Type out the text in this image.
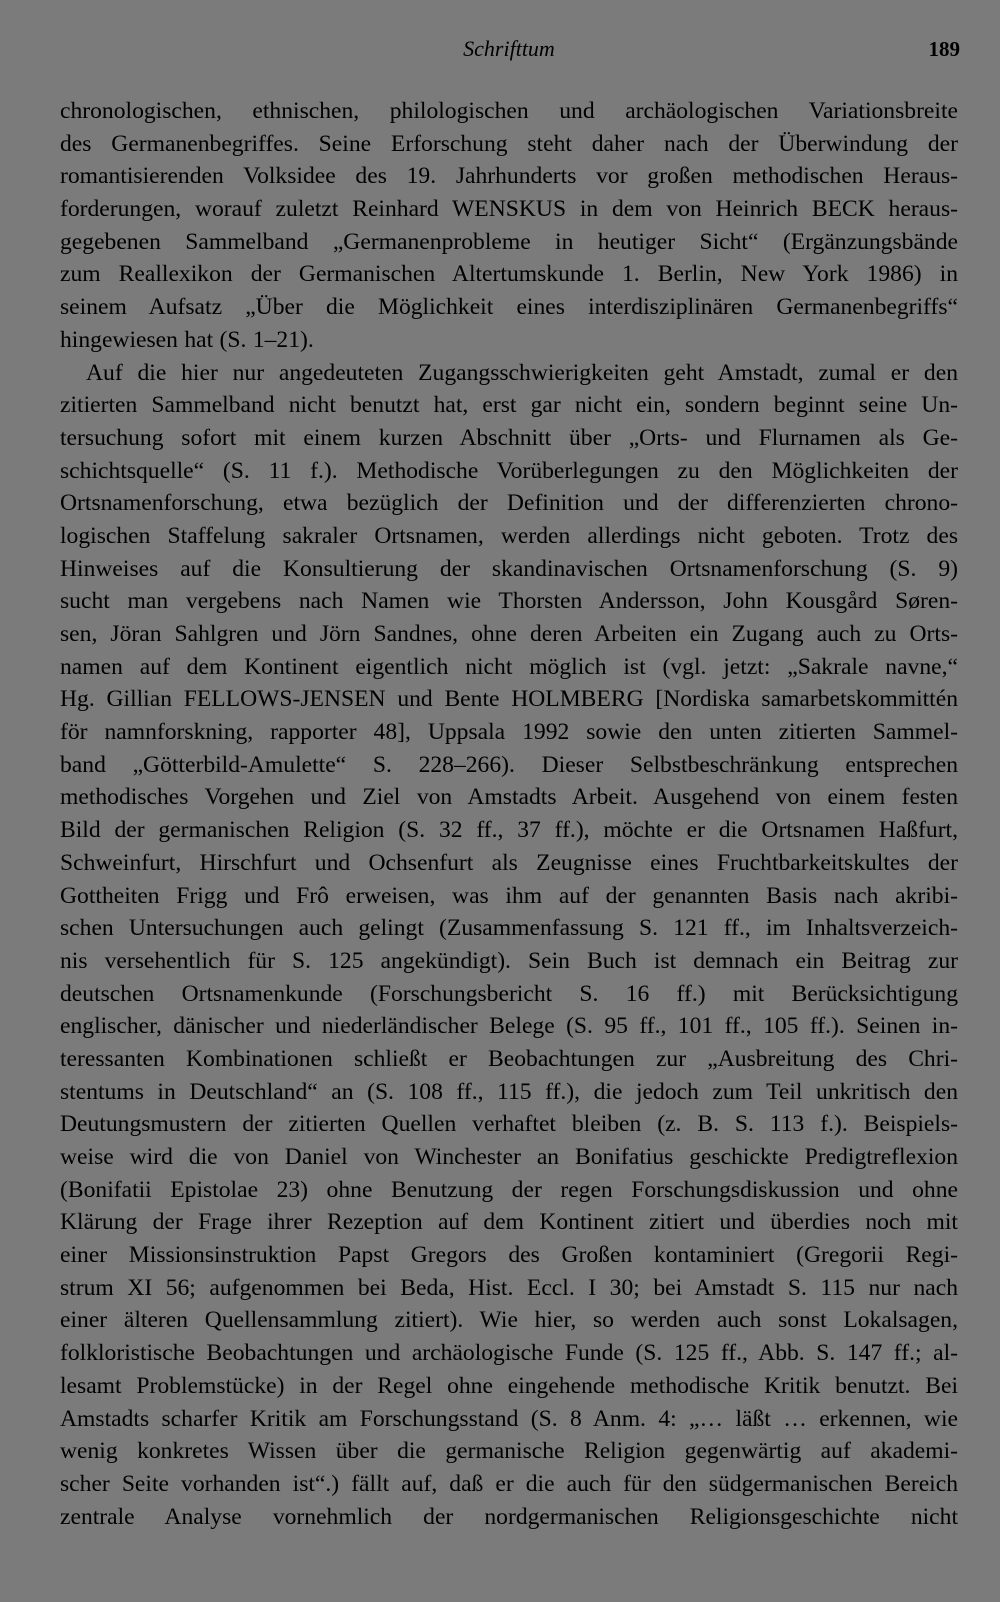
Schrifttum	189
chronologischen, ethnischen, philologischen und archäologischen Variationsbreite
des Germanenbegriffes. Seine Erforschung steht daher nach der Überwindung der
romantisierenden Volksidee des 19. Jahrhunderts vor großen methodischen Heraus-
forderungen, worauf zuletzt Reinhard WENSKUS in dem von Heinrich BECK heraus-
gegebenen Sammelband „Germanenprobleme in heutiger Sicht“ (Ergänzungsbände
zum Reallexikon der Germanischen Altertumskunde 1. Berlin, New York 1986) in
seinem Aufsatz „Über die Möglichkeit eines interdisziplinären Germanenbegriffs“
hingewiesen hat (S. 1–21).
Auf die hier nur angedeuteten Zugangsschwierigkeiten geht Amstadt, zumal er den
zitierten Sammelband nicht benutzt hat, erst gar nicht ein, sondern beginnt seine Un-
tersuchung sofort mit einem kurzen Abschnitt über „Orts- und Flurnamen als Ge-
schichtsquelle“ (S. 11 f.). Methodische Vorüberlegungen zu den Möglichkeiten der
Ortsnamenforschung, etwa bezüglich der Definition und der differenzierten chrono-
logischen Staffelung sakraler Ortsnamen, werden allerdings nicht geboten. Trotz des
Hinweises auf die Konsultierung der skandinavischen Ortsnamenforschung (S. 9)
sucht man vergebens nach Namen wie Thorsten Andersson, John Kousgård Søren-
sen, Jöran Sahlgren und Jörn Sandnes, ohne deren Arbeiten ein Zugang auch zu Orts-
namen auf dem Kontinent eigentlich nicht möglich ist (vgl. jetzt: „Sakrale navne,“
Hg. Gillian FELLOWS-JENSEN und Bente HOLMBERG [Nordiska samarbetskommittén
för namnforskning, rapporter 48], Uppsala 1992 sowie den unten zitierten Sammel-
band „Götterbild-Amulette“ S. 228–266). Dieser Selbstbeschränkung entsprechen
methodisches Vorgehen und Ziel von Amstadts Arbeit. Ausgehend von einem festen
Bild der germanischen Religion (S. 32 ff., 37 ff.), möchte er die Ortsnamen Haßfurt,
Schweinfurt, Hirschfurt und Ochsenfurt als Zeugnisse eines Fruchtbarkeitskultes der
Gottheiten Frigg und Frô erweisen, was ihm auf der genannten Basis nach akribi-
schen Untersuchungen auch gelingt (Zusammenfassung S. 121 ff., im Inhaltsverzeich-
nis versehentlich für S. 125 angekündigt). Sein Buch ist demnach ein Beitrag zur
deutschen Ortsnamenkunde (Forschungsbericht S. 16 ff.) mit Berücksichtigung
englischer, dänischer und niederländischer Belege (S. 95 ff., 101 ff., 105 ff.). Seinen in-
teressanten Kombinationen schließt er Beobachtungen zur „Ausbreitung des Chri-
stentums in Deutschland“ an (S. 108 ff., 115 ff.), die jedoch zum Teil unkritisch den
Deutungsmustern der zitierten Quellen verhaftet bleiben (z. B. S. 113 f.). Beispiels-
weise wird die von Daniel von Winchester an Bonifatius geschickte Predigtreflexion
(Bonifatii Epistolae 23) ohne Benutzung der regen Forschungsdiskussion und ohne
Klärung der Frage ihrer Rezeption auf dem Kontinent zitiert und überdies noch mit
einer Missionsinstruktion Papst Gregors des Großen kontaminiert (Gregorii Regi-
strum XI 56; aufgenommen bei Beda, Hist. Eccl. I 30; bei Amstadt S. 115 nur nach
einer älteren Quellensammlung zitiert). Wie hier, so werden auch sonst Lokalsagen,
folkloristische Beobachtungen und archäologische Funde (S. 125 ff., Abb. S. 147 ff.; al-
lesamt Problemstücke) in der Regel ohne eingehende methodische Kritik benutzt. Bei
Amstadts scharfer Kritik am Forschungsstand (S. 8 Anm. 4: „… läßt … erkennen, wie
wenig konkretes Wissen über die germanische Religion gegenwärtig auf akademi-
scher Seite vorhanden ist“.) fällt auf, daß er die auch für den südgermanischen Bereich
zentrale Analyse vornehmlich der nordgermanischen Religionsgeschichte nicht
